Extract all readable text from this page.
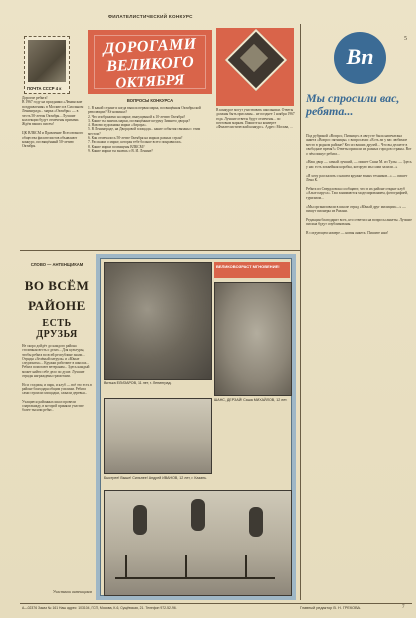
ФИЛАТЕЛИСТИЧЕСКИЙ КОНКУРС
5
ПОЧТА СССР 4 к
Дорогие ребята!
В 1967 году на праздники «Ленинские поздравления» в Москве и в Смольном Ленинграда... марка «Октябрь» — в честь 50-летия Октября... Лучшие коллекции будут отмечены призами. Ждём ваших писем!

ЦК ВЛКСМ и Правление Всесоюзного общества филателистов объявляют конкурс, посвящённый 50-летию Октября.
ДОРОГАМИ
ВЕЛИКОГО
ОКТЯБРЯ
ВОПРОСЫ КОНКУРСА
1. В какой стране и когда вышла первая марка, посвящённая Октябрьской революции? Её номинал?
2. Что изображено на марке, выпущенной к 10-летию Октября?
3. Какие ты знаешь марки, посвящённые штурму Зимнего дворца?
4. Назови художника марки «Аврора».
5. В Ленинграде, на Дворцовой площади... какие события связаны с этим местом?
6. Как отмечалось 50-летие Октября на марках разных стран?
7. Расскажи о марке, которая тебе больше всего понравилась.
8. Какие марки посвящены ВЛКСМ?
9. Какие марки ты знаешь о В. И. Ленине?
В конкурсе могут участвовать школьники. Ответы должны быть присланы... не позднее 1 ноября 1967 года. Лучшие ответы будут отмечены... по почтовым маркам. Пишите на конверте «Филателистический конкурс». Адрес: Москва, ...
Вп
Мы спросили вас, ребята...
Под рубрикой «Вопрос, Пятнице» в августе была напечатана анкета «Вопрос пятницы» с вопросами: «Есть ли у вас любимое место в родном районе? Кто из ваших друзей... Что вы делаете в свободное время?» Ответы пришли из разных городов страны. Вот о чём пишут ребята...

«Наш двор — самый лучший, — пишет Саша М. из Тулы. — Здесь у нас есть хоккейная коробка, которую мы сами залили...»

«Я хочу рассказать о нашем кружке юных техников...» — пишет Лена К.

Ребята из Свердловска сообщают, что в их районе открыт клуб «Алые паруса». Там занимаются моделированием, фотографией, туризмом...

«Мы организовали в школе отряд «Юный друг милиции»...» — пишут пионеры из Рязани.

Редакция благодарит всех, кто ответил на вопросы анкеты. Лучшие письма будут опубликованы.

В следующем номере — новая анкета. Пишите нам!
СЛОВО — АНТЕНЩИКАМ
ВО ВСЁМ
РАЙОНЕ
ЕСТЬ ДРУЗЬЯ
Не скоро дойдёт до каждого района столичная весть о делах... Для культуры, чтобы ребята во всей республике знали... Отряды «Зелёный патруль» и «Юные следопыты»... Кружки работают в школах... Ребята помогают ветеранам... Здесь каждый может найти себе дело по душе. Лучшие отряды награждены грамотами.

Но и стадион, и парк, и клуб — всё это есть в районе благодаря общим усилиям. Ребята сами строили площадки, сажали деревья...

Учащиеся районных школ провели спартакиаду, в которой приняли участие более тысячи ребят...
Участники антенщиков
Витька ЕЛИЗАРОВ, 11 лет, г. Ленинград.
ВЕЛИКОВОЗРАСТ МГНОВЕНИЕ!
ШАНС, ДЕРЗАЙ! Саша МИХАЙЛОВ, 12 лет.
Быстрее! Выше! Сильнее! Андрей ИВАНОВ, 12 лет, г. Казань.
А—02376 Заказ № 161 Наш адрес: 103104, ГСП, Москва, К-6, Сущёвская, 21. Телефон 972-52-96.	Главный редактор В. Н. ГРЕКОВА.	7
